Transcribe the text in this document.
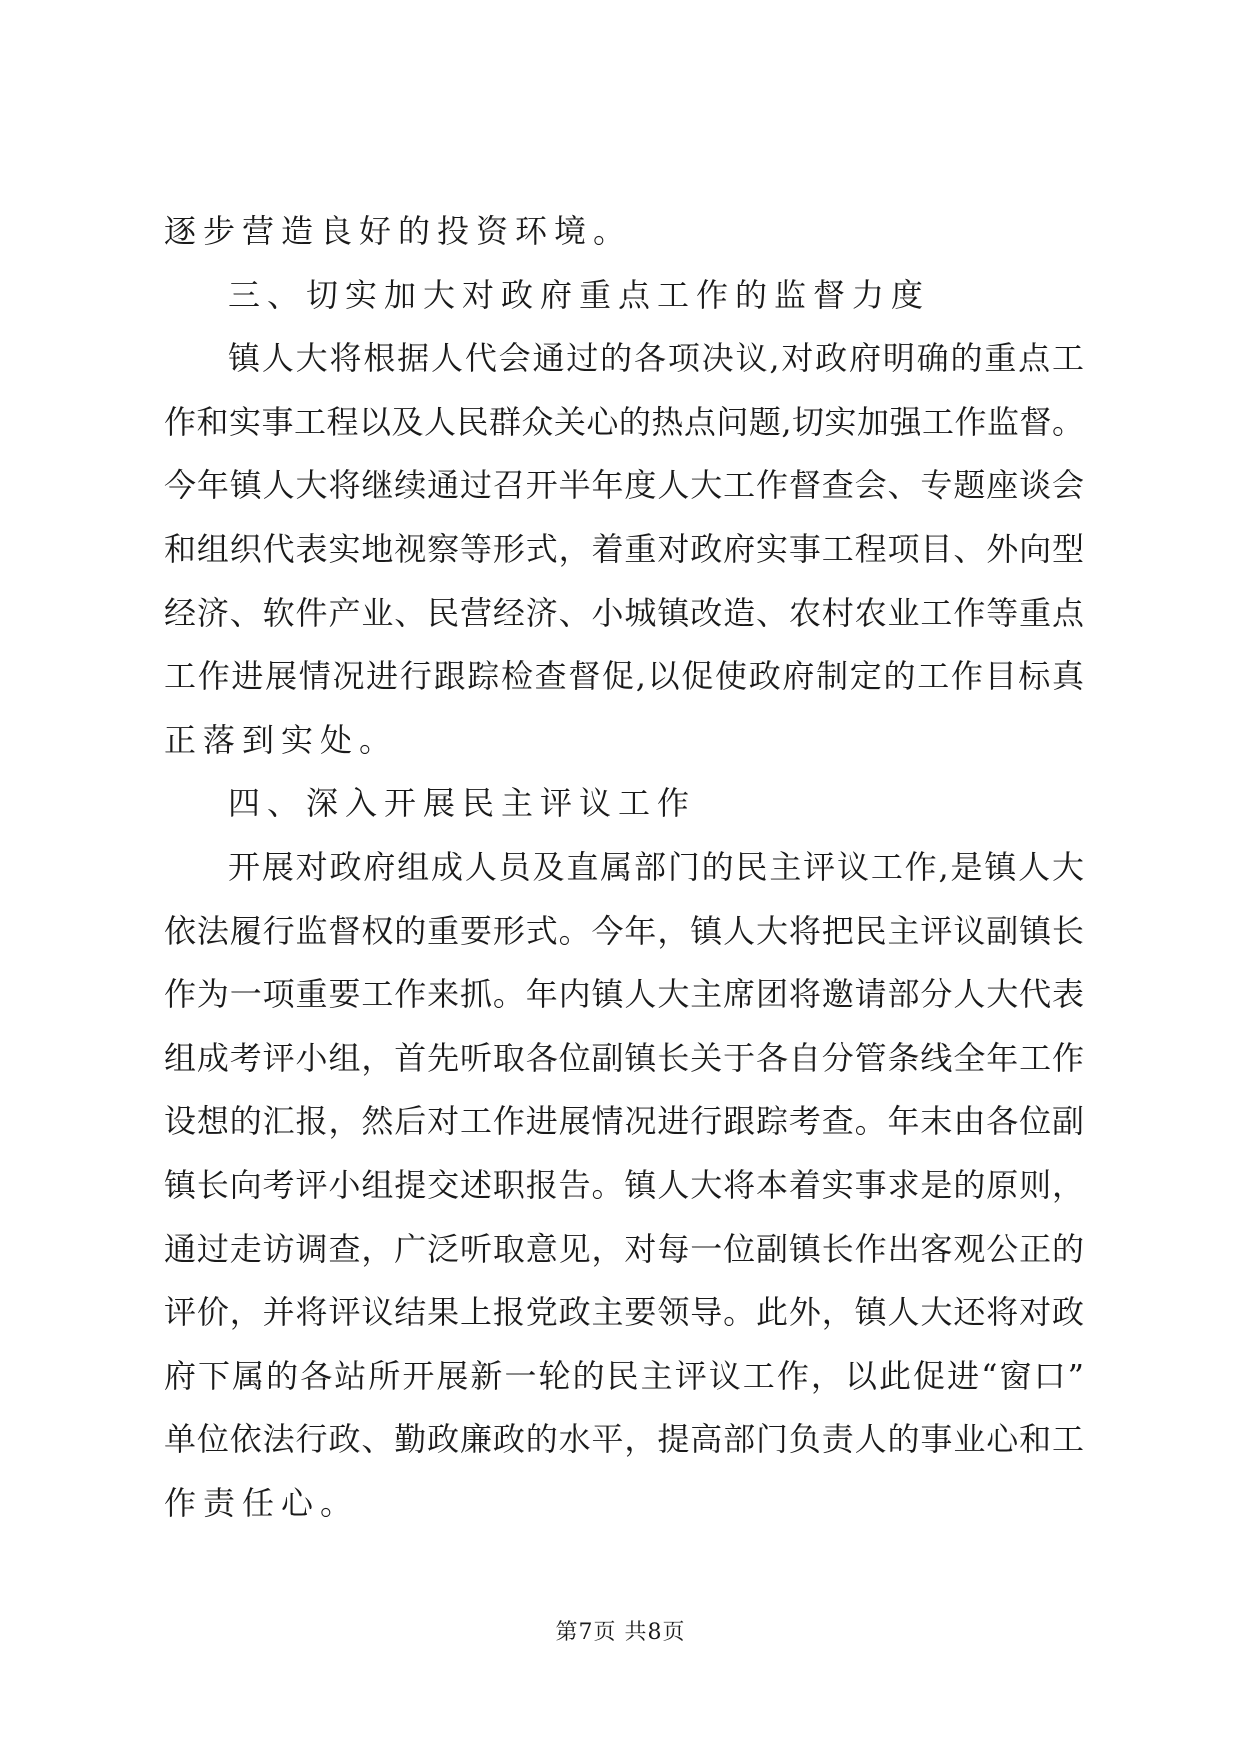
逐步营造良好的投资环境。
三、切实加大对政府重点工作的监督力度
镇人大将根据人代会通过的各项决议,对政府明确的重点工
作和实事工程以及人民群众关心的热点问题,切实加强工作监督。
今年镇人大将继续通过召开半年度人大工作督查会、专题座谈会
和组织代表实地视察等形式，着重对政府实事工程项目、外向型
经济、软件产业、民营经济、小城镇改造、农村农业工作等重点
工作进展情况进行跟踪检查督促,以促使政府制定的工作目标真
正落到实处。
四、深入开展民主评议工作
开展对政府组成人员及直属部门的民主评议工作,是镇人大
依法履行监督权的重要形式。今年，镇人大将把民主评议副镇长
作为一项重要工作来抓。年内镇人大主席团将邀请部分人大代表
组成考评小组，首先听取各位副镇长关于各自分管条线全年工作
设想的汇报，然后对工作进展情况进行跟踪考查。年末由各位副
镇长向考评小组提交述职报告。镇人大将本着实事求是的原则，
通过走访调查，广泛听取意见，对每一位副镇长作出客观公正的
评价，并将评议结果上报党政主要领导。此外，镇人大还将对政
府下属的各站所开展新一轮的民主评议工作，以此促进“窗口”
单位依法行政、勤政廉政的水平，提高部门负责人的事业心和工
作责任心。
第7页 共8页
